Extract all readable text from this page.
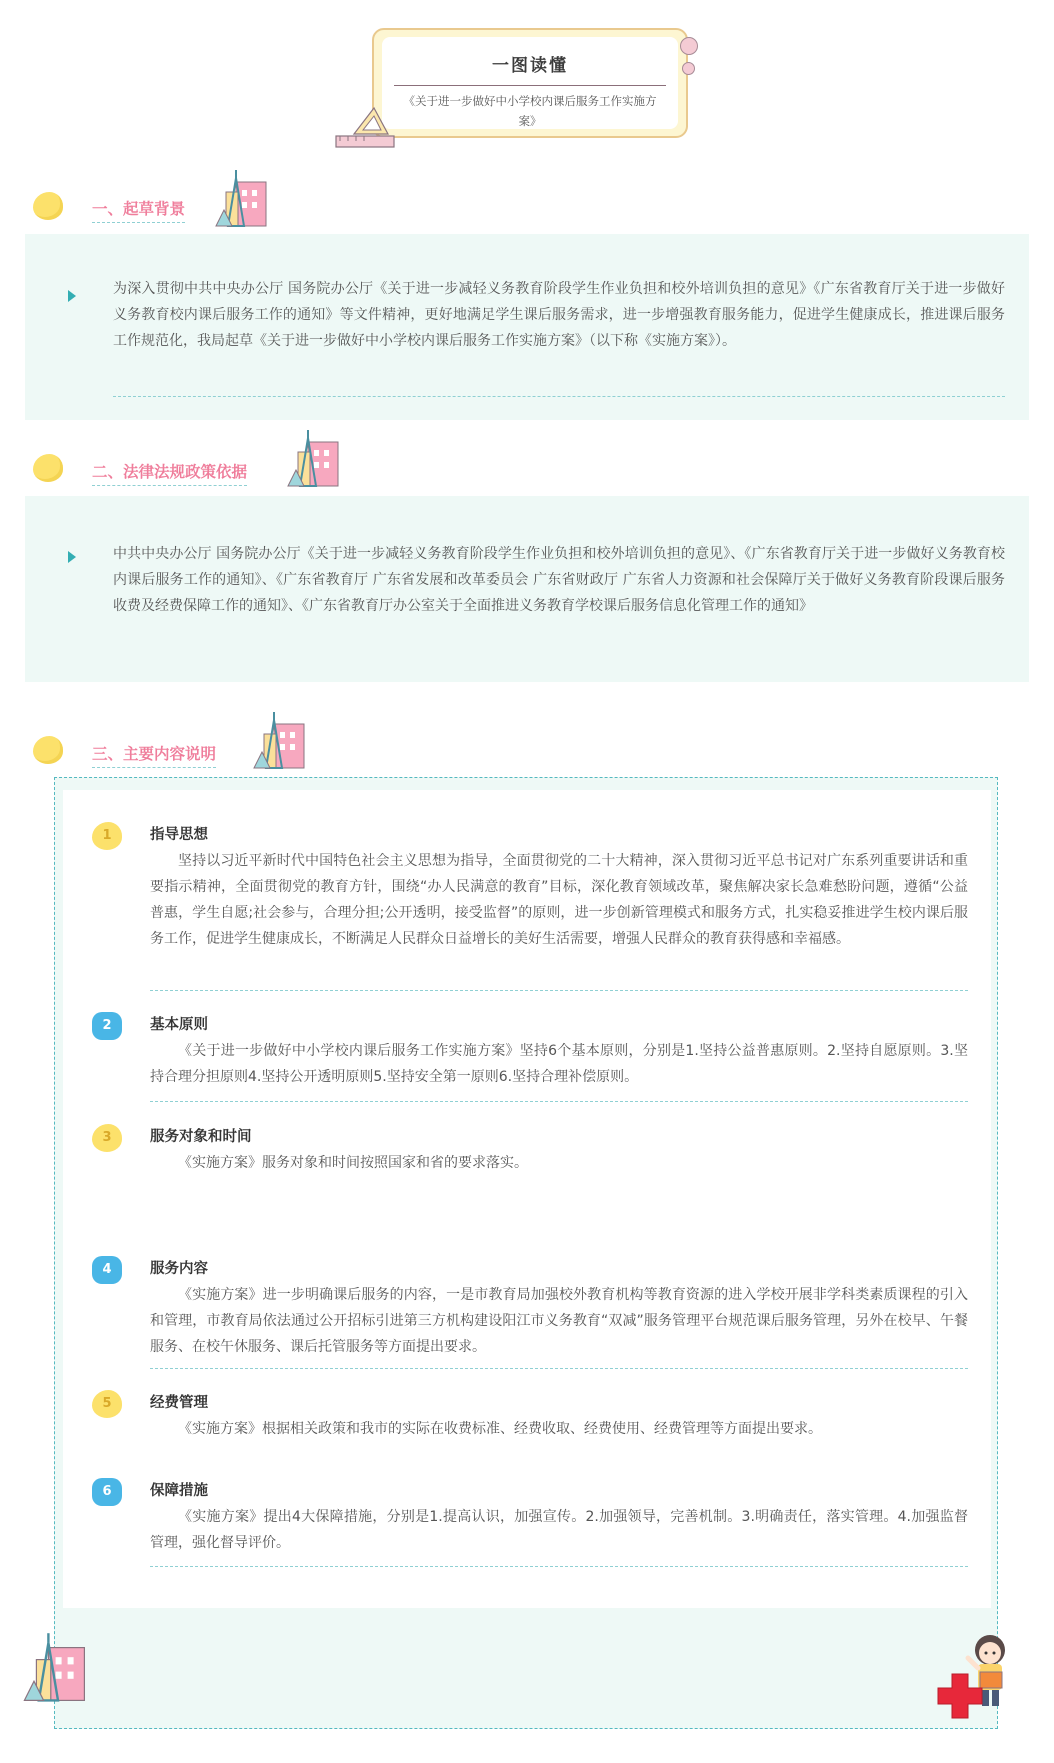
一图读懂
《关于进一步做好中小学校内课后服务工作实施方案》
一、起草背景
为深入贯彻中共中央办公厅 国务院办公厅《关于进一步减轻义务教育阶段学生作业负担和校外培训负担的意见》《广东省教育厅关于进一步做好义务教育校内课后服务工作的通知》等文件精神，更好地满足学生课后服务需求，进一步增强教育服务能力，促进学生健康成长，推进课后服务工作规范化，我局起草《关于进一步做好中小学校内课后服务工作实施方案》（以下称《实施方案》）。
二、法律法规政策依据
中共中央办公厅 国务院办公厅《关于进一步减轻义务教育阶段学生作业负担和校外培训负担的意见》、《广东省教育厅关于进一步做好义务教育校内课后服务工作的通知》、《广东省教育厅 广东省发展和改革委员会 广东省财政厅 广东省人力资源和社会保障厅关于做好义务教育阶段课后服务收费及经费保障工作的通知》、《广东省教育厅办公室关于全面推进义务教育学校课后服务信息化管理工作的通知》
三、主要内容说明
1	指导思想
坚持以习近平新时代中国特色社会主义思想为指导，全面贯彻党的二十大精神，深入贯彻习近平总书记对广东系列重要讲话和重要指示精神，全面贯彻党的教育方针，围绕“办人民满意的教育”目标，深化教育领域改革，聚焦解决家长急难愁盼问题，遵循“公益普惠，学生自愿;社会参与，合理分担;公开透明，接受监督”的原则，进一步创新管理模式和服务方式，扎实稳妥推进学生校内课后服务工作，促进学生健康成长，不断满足人民群众日益增长的美好生活需要，增强人民群众的教育获得感和幸福感。
2	基本原则
《关于进一步做好中小学校内课后服务工作实施方案》坚持6个基本原则，分别是1.坚持公益普惠原则。2.坚持自愿原则。3.坚持合理分担原则4.坚持公开透明原则5.坚持安全第一原则6.坚持合理补偿原则。
3	服务对象和时间
《实施方案》服务对象和时间按照国家和省的要求落实。
4	服务内容
《实施方案》进一步明确课后服务的内容，一是市教育局加强校外教育机构等教育资源的进入学校开展非学科类素质课程的引入和管理，市教育局依法通过公开招标引进第三方机构建设阳江市义务教育“双减”服务管理平台规范课后服务管理，另外在校早、午餐服务、在校午休服务、课后托管服务等方面提出要求。
5	经费管理
《实施方案》根据相关政策和我市的实际在收费标准、经费收取、经费使用、经费管理等方面提出要求。
6	保障措施
《实施方案》提出4大保障措施，分别是1.提高认识，加强宣传。2.加强领导，完善机制。3.明确责任，落实管理。4.加强监督管理，强化督导评价。
